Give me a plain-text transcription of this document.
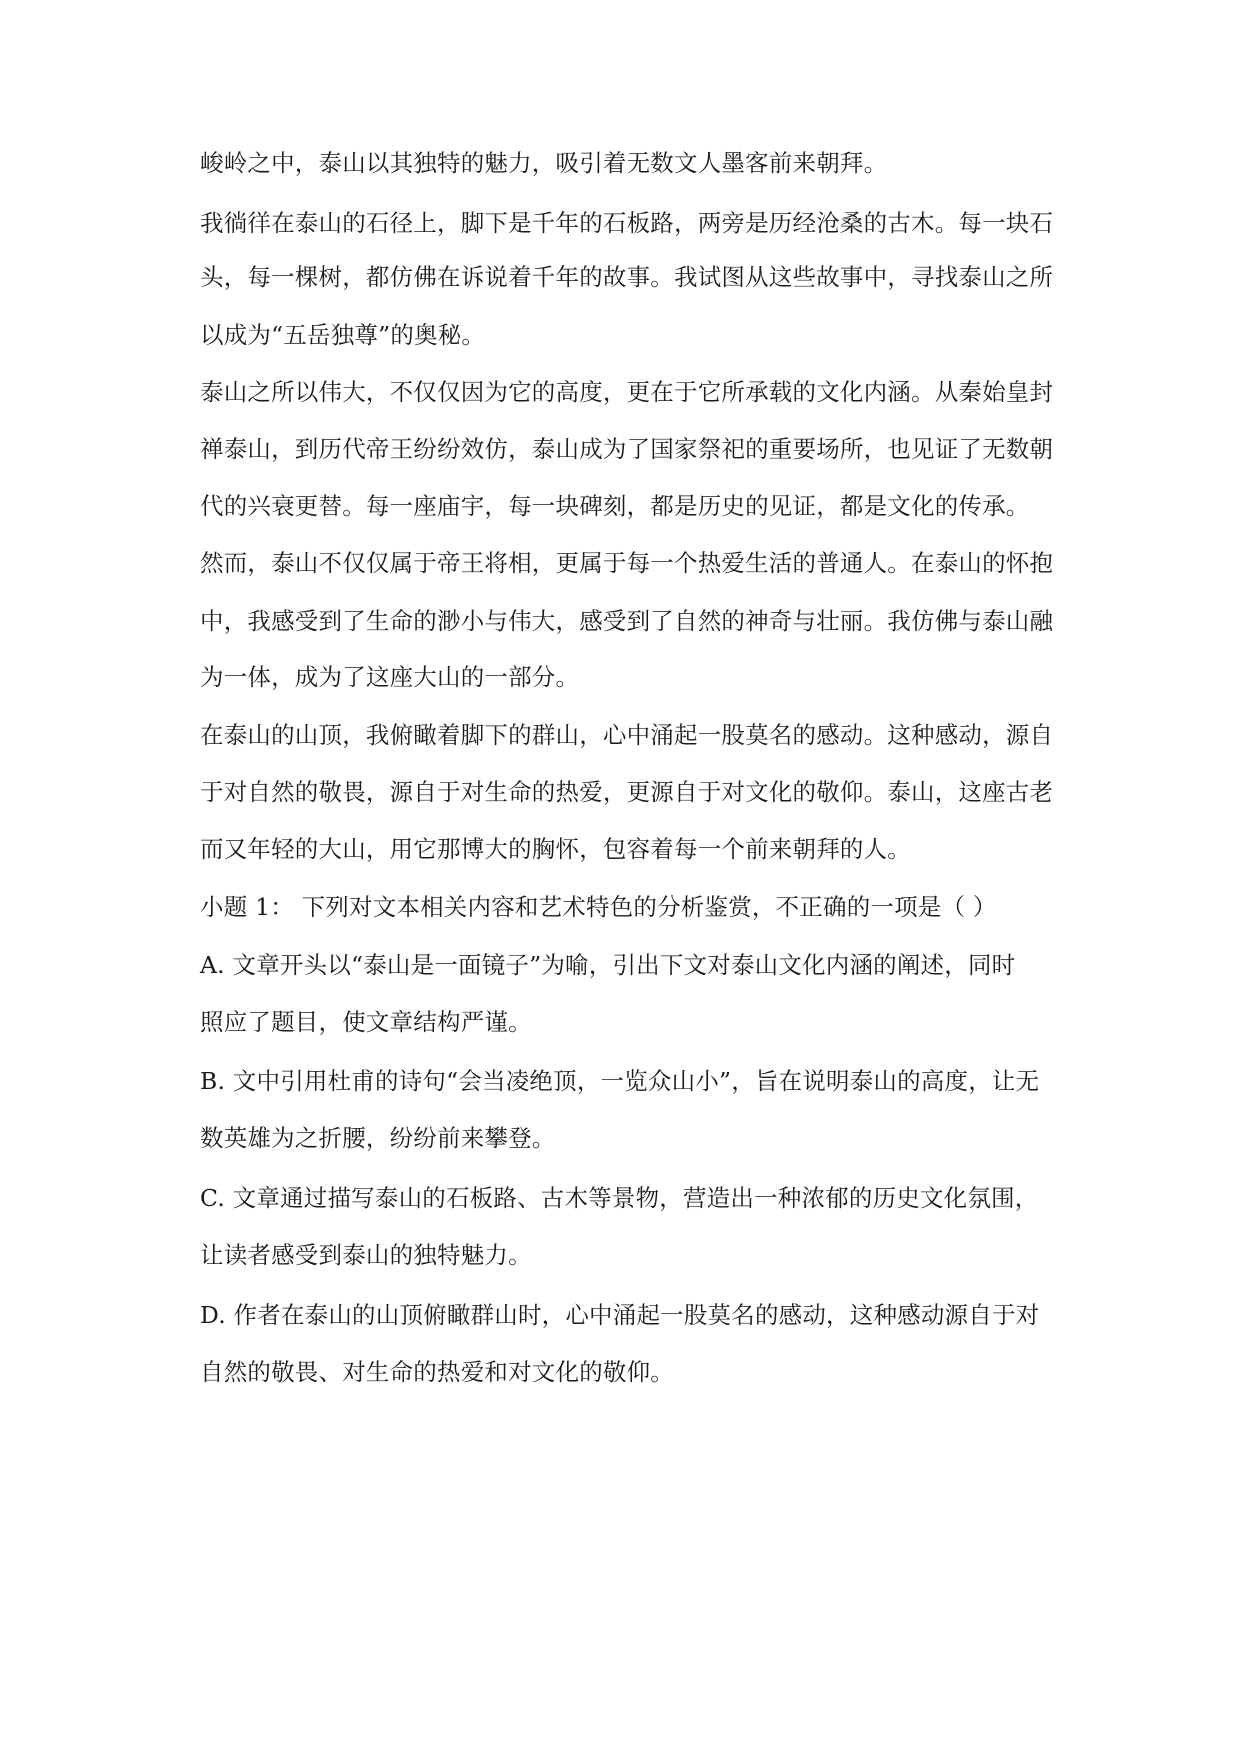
峻岭之中，泰山以其独特的魅力，吸引着无数文人墨客前来朝拜。
我徜徉在泰山的石径上，脚下是千年的石板路，两旁是历经沧桑的古木。每一块石
头，每一棵树，都仿佛在诉说着千年的故事。我试图从这些故事中，寻找泰山之所
以成为“五岳独尊”的奥秘。
泰山之所以伟大，不仅仅因为它的高度，更在于它所承载的文化内涵。从秦始皇封
禅泰山，到历代帝王纷纷效仿，泰山成为了国家祭祀的重要场所，也见证了无数朝
代的兴衰更替。每一座庙宇，每一块碑刻，都是历史的见证，都是文化的传承。
然而，泰山不仅仅属于帝王将相，更属于每一个热爱生活的普通人。在泰山的怀抱
中，我感受到了生命的渺小与伟大，感受到了自然的神奇与壮丽。我仿佛与泰山融
为一体，成为了这座大山的一部分。
在泰山的山顶，我俯瞰着脚下的群山，心中涌起一股莫名的感动。这种感动，源自
于对自然的敬畏，源自于对生命的热爱，更源自于对文化的敬仰。泰山，这座古老
而又年轻的大山，用它那博大的胸怀，包容着每一个前来朝拜的人。
小题 1： 下列对文本相关内容和艺术特色的分析鉴赏，不正确的一项是（ ）
A. 文章开头以“泰山是一面镜子”为喻，引出下文对泰山文化内涵的阐述，同时
照应了题目，使文章结构严谨。
B. 文中引用杜甫的诗句“会当凌绝顶，一览众山小”，旨在说明泰山的高度，让无
数英雄为之折腰，纷纷前来攀登。
C. 文章通过描写泰山的石板路、古木等景物，营造出一种浓郁的历史文化氛围，
让读者感受到泰山的独特魅力。
D. 作者在泰山的山顶俯瞰群山时，心中涌起一股莫名的感动，这种感动源自于对
自然的敬畏、对生命的热爱和对文化的敬仰。
